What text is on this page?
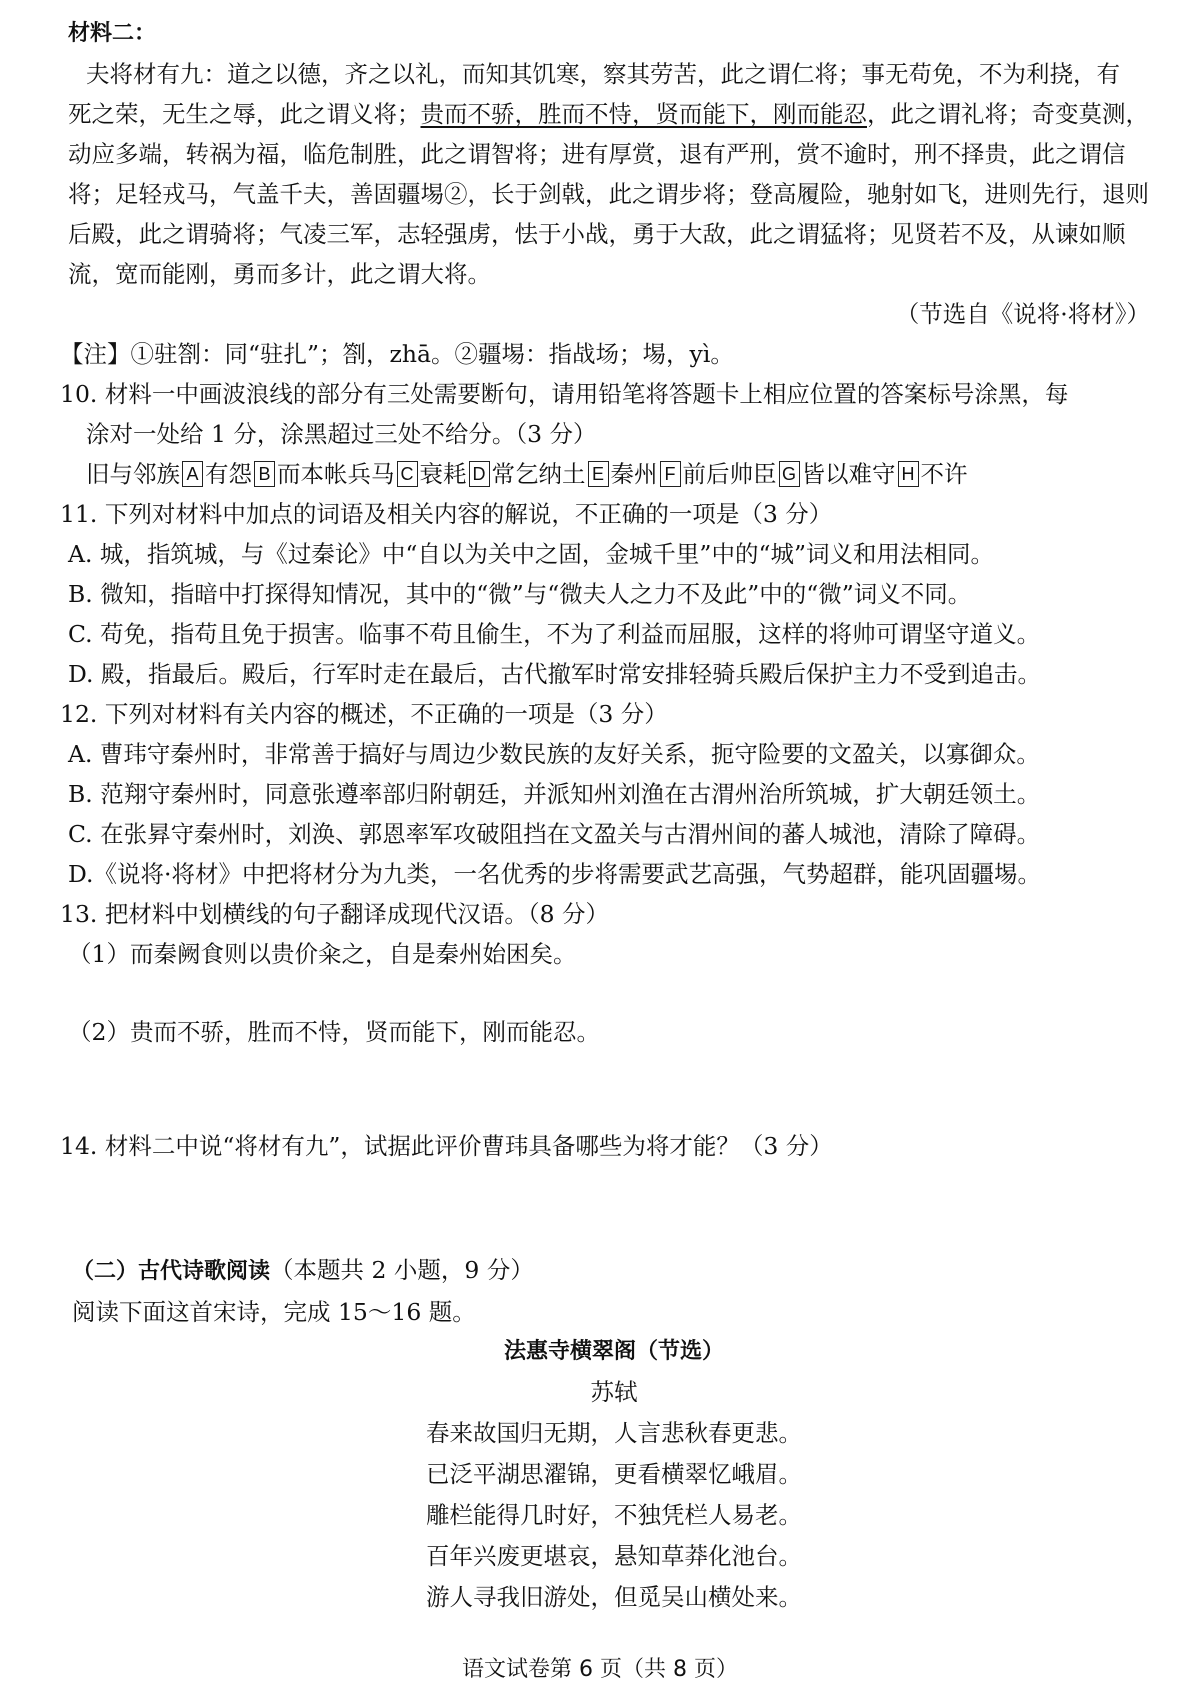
材料二：

夫将材有九：道之以德，齐之以礼，而知其饥寒，察其劳苦，此之谓仁将；事无苟免，不为利挠，有

死之荣，无生之辱，此之谓义将；贵而不骄，胜而不恃，贤而能下，刚而能忍，此之谓礼将；奇变莫测，

动应多端，转祸为福，临危制胜，此之谓智将；进有厚赏，退有严刑，赏不逾时，刑不择贵，此之谓信

将；足轻戎马，气盖千夫，善固疆埸②，长于剑戟，此之谓步将；登高履险，驰射如飞，进则先行，退则

后殿，此之谓骑将；气凌三军，志轻强虏，怯于小战，勇于大敌，此之谓猛将；见贤若不及，从谏如顺

流，宽而能刚，勇而多计，此之谓大将。

（节选自《说将·将材》）

【注】①驻劄：同“驻扎”；劄，zhā。②疆埸：指战场；埸，yì。

10. 材料一中画波浪线的部分有三处需要断句，请用铅笔将答题卡上相应位置的答案标号涂黑，每

涂对一处给 1 分，涂黑超过三处不给分。（3 分）

旧与邻族 A 有怨 B 而本帐兵马 C 衰耗 D 常乞纳土 E 秦州 F 前后帅臣 G 皆以难守 H 不许

11. 下列对材料中加点的词语及相关内容的解说，不正确的一项是（3 分）

A. 城，指筑城，与《过秦论》中“自以为关中之固，金城千里”中的“城”词义和用法相同。

B. 微知，指暗中打探得知情况，其中的“微”与“微夫人之力不及此”中的“微”词义不同。

C. 苟免，指苟且免于损害。临事不苟且偷生，不为了利益而屈服，这样的将帅可谓坚守道义。

D. 殿，指最后。殿后，行军时走在最后，古代撤军时常安排轻骑兵殿后保护主力不受到追击。

12. 下列对材料有关内容的概述，不正确的一项是（3 分）

A. 曹玮守秦州时，非常善于搞好与周边少数民族的友好关系，扼守险要的文盈关，以寡御众。

B. 范翔守秦州时，同意张遵率部归附朝廷，并派知州刘渔在古渭州治所筑城，扩大朝廷领土。

C. 在张昪守秦州时，刘涣、郭恩率军攻破阻挡在文盈关与古渭州间的蕃人城池，清除了障碍。

D.《说将·将材》中把将材分为九类，一名优秀的步将需要武艺高强，气势超群，能巩固疆埸。

13. 把材料中划横线的句子翻译成现代汉语。（8 分）

（1）而秦阙食则以贵价籴之，自是秦州始困矣。

（2）贵而不骄，胜而不恃，贤而能下，刚而能忍。

14. 材料二中说“将材有九”，试据此评价曹玮具备哪些为将才能？（3 分）

（二）古代诗歌阅读（本题共 2 小题，9 分）

阅读下面这首宋诗，完成 15～16 题。

法惠寺横翠阁（节选）

苏轼

春来故国归无期，人言悲秋春更悲。

已泛平湖思濯锦，更看横翠忆峨眉。

雕栏能得几时好，不独凭栏人易老。

百年兴废更堪哀，悬知草莽化池台。

游人寻我旧游处，但觅吴山横处来。

语文试卷第 6 页（共 8 页）
